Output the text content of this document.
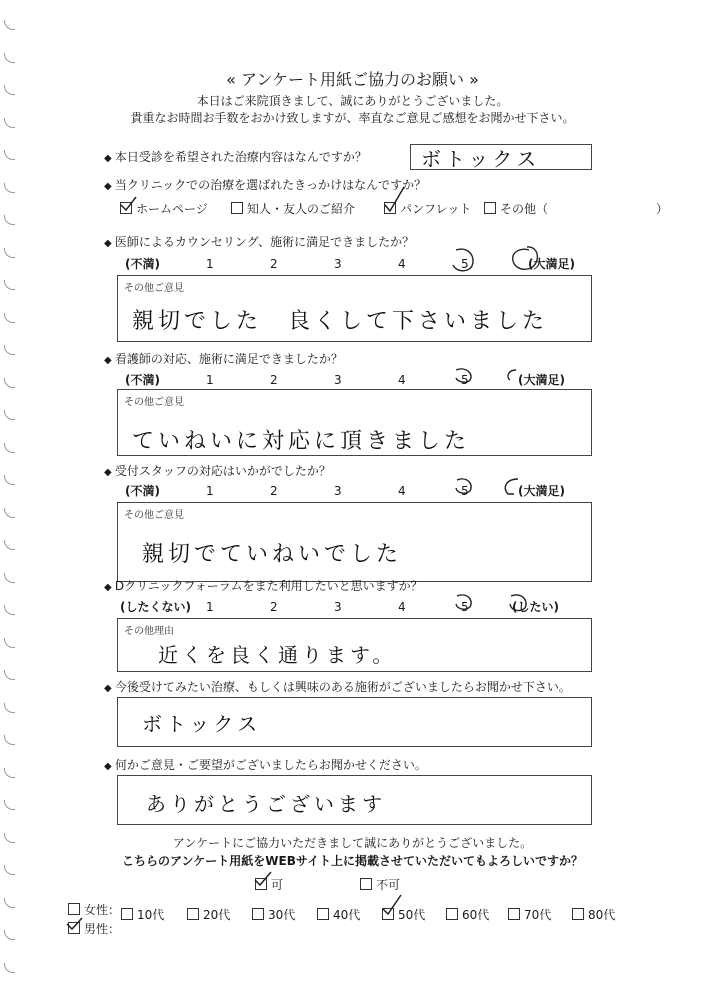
« アンケート用紙ご協力のお願い »
本日はご来院頂きまして、誠にありがとうございました。
貴重なお時間お手数をおかけ致しますが、率直なご意見ご感想をお聞かせ下さい。
◆ 本日受診を希望された治療内容はなんですか？	ボトックス
◆ 当クリニックでの治療を選ばれたきっかけはなんですか？
ホームページ	知人・友人のご紹介	パンフレット	その他（　　　　　　　　　）
◆ 医師によるカウンセリング、施術に満足できましたか？
(不満)	1	2	3	4	5	(大満足)
その他ご意見
親切でした　良くして下さいました
◆ 看護師の対応、施術に満足できましたか？
(不満)	1	2	3	4	5	(大満足)
その他ご意見
ていねいに対応に頂きました
◆ 受付スタッフの対応はいかがでしたか？
(不満)	1	2	3	4	5	(大満足)
その他ご意見
親切でていねいでした
◆ Dクリニックフォーラムをまた利用したいと思いますか？
(したくない) 1	2	3	4	5	(したい)
その他理由
近くを良く通ります。
◆ 今後受けてみたい治療、もしくは興味のある施術がございましたらお聞かせ下さい。
ボトックス
◆ 何かご意見・ご要望がございましたらお聞かせください。
ありがとうございます
アンケートにご協力いただきまして誠にありがとうございました。
こちらのアンケート用紙をWEBサイト上に掲載させていただいてもよろしいですか？
可	不可
女性：
男性：
10代	20代	30代	40代	50代	60代	70代	80代
